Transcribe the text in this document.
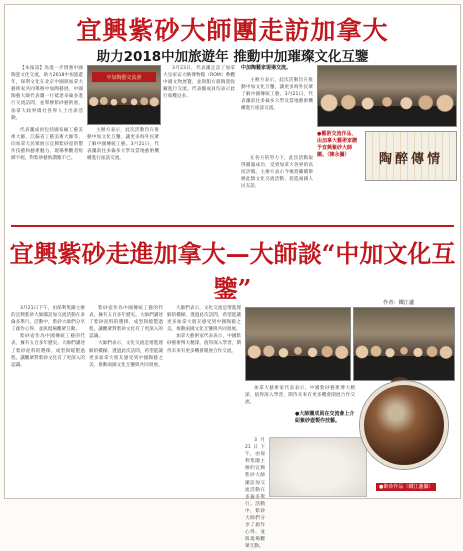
宜興紫砂大師團走訪加拿大
助力2018中加旅遊年 推動中加璀璨文化互鑒

【本報訊】為進一步增強中國陶瓷文化交流，助力2018中加旅遊年，保利文化在北京中國與加拿大藝術家共同舉辦中加陶藝展，中國陶藝大師代表團一行抵達多倫多進行交流訪問，並舉辦紫砂藝術展。加拿大政界僑社各界人士出席活動。

代表團成員包括國家級工藝美術大師、江蘇省工藝美術大師等，向加拿大民眾展示宜興紫砂壺的製作技藝和藝術魅力。現場參觀者絡繹不絕，對紫砂藝術讚歎不已。

主辦方表示，此次活動旨在推動中加文化互鑒，讓更多海外民眾了解中國傳統工藝。3月21日，代表團前往多倫多大學及當地藝術機構進行座談交流。

3月23日，代表團走訪了加拿大皇家安大略博物館（ROM）參觀中國文物展覽，並與館方就陶瓷收藏進行交流。代表團成員均表示此行收穫良多。

在各方的努力下，此次活動取得圓滿成功，受到加拿大各界的高度評價。主辦方表示今後將繼續舉辦此類文化交流活動，促進兩國人民友誼。

中加陶藝交流會
中加陶藝家現場交流。

主辦方表示，此次活動旨在推動中加文化互鑒，讓更多海外民眾了解中國傳統工藝。3月21日，代表團前往多倫多大學及當地藝術機構進行座談交流。

●藝術交流作品，由加拿大藝術家贈予宜興紫砂大師團。（陳永攝）	陶醉傳情
宜興紫砂走進加拿大—大師談“中加文化互鑒”	作者：鐵江蘆

3月21日下午，由保利集團主辦的宜興紫砂大師團訪加交流活動在多倫多舉行。活動中，紫砂大師們分享了創作心得，並與現場觀眾互動。

紫砂壺作為中國傳統工藝的代表，擁有五百多年歷史。大師們講述了紫砂泥料的選擇、成型與燒製過程，讓觀眾對紫砂文化有了更深入的認識。

紫砂壺作為中國傳統工藝的代表，擁有五百多年歷史。大師們講述了紫砂泥料的選擇、成型與燒製過程，讓觀眾對紫砂文化有了更深入的認識。

大師們表示，文化交流是增進理解的橋樑。透過此次訪問，希望能讓更多加拿大朋友感受到中國陶藝之美，推動兩國文化互鑒與共同發展。

大師們表示，文化交流是增進理解的橋樑。透過此次訪問，希望能讓更多加拿大朋友感受到中國陶藝之美，推動兩國文化互鑒與共同發展。

加拿大藝術家代表表示，中國紫砂藝術博大精深，值得深入學習，期待未來有更多機會開展合作交流。

加拿大藝術家代表表示，中國紫砂藝術博大精深，值得深入學習，期待未來有更多機會開展合作交流。

●大師團成員在交流會上介紹紫砂壺製作技藝。

3月21日下午，由保利集團主辦的宜興紫砂大師團訪加交流活動在多倫多舉行。活動中，紫砂大師們分享了創作心得，並與現場觀眾互動。

●紫砂作品（鐵江蘆攝）
